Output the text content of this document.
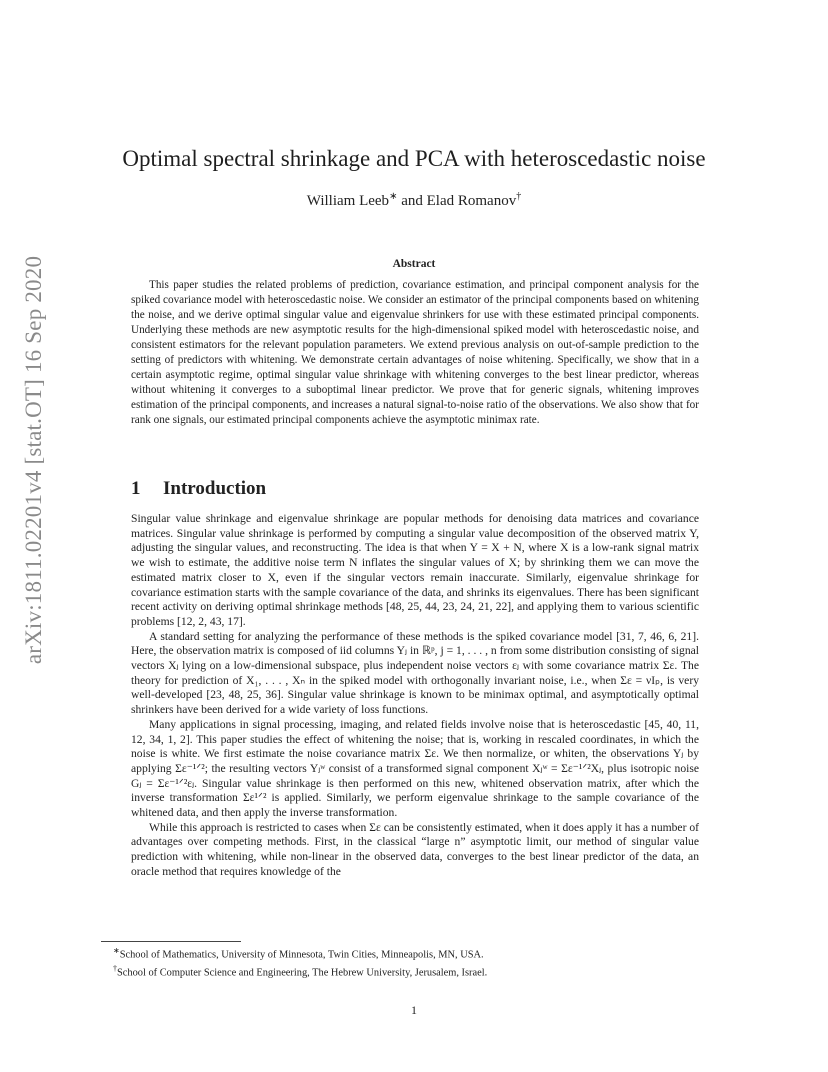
arXiv:1811.02201v4 [stat.OT] 16 Sep 2020
Optimal spectral shrinkage and PCA with heteroscedastic noise
William Leeb∗ and Elad Romanov†
Abstract

This paper studies the related problems of prediction, covariance estimation, and principal component analysis for the spiked covariance model with heteroscedastic noise. We consider an estimator of the principal components based on whitening the noise, and we derive optimal singular value and eigenvalue shrinkers for use with these estimated principal components. Underlying these methods are new asymptotic results for the high-dimensional spiked model with heteroscedastic noise, and consistent estimators for the relevant population parameters. We extend previous analysis on out-of-sample prediction to the setting of predictors with whitening. We demonstrate certain advantages of noise whitening. Specifically, we show that in a certain asymptotic regime, optimal singular value shrinkage with whitening converges to the best linear predictor, whereas without whitening it converges to a suboptimal linear predictor. We prove that for generic signals, whitening improves estimation of the principal components, and increases a natural signal-to-noise ratio of the observations. We also show that for rank one signals, our estimated principal components achieve the asymptotic minimax rate.

1 Introduction

Singular value shrinkage and eigenvalue shrinkage are popular methods for denoising data matrices and covariance matrices. Singular value shrinkage is performed by computing a singular value decomposition of the observed matrix Y, adjusting the singular values, and reconstructing. The idea is that when Y = X + N, where X is a low-rank signal matrix we wish to estimate, the additive noise term N inflates the singular values of X; by shrinking them we can move the estimated matrix closer to X, even if the singular vectors remain inaccurate. Similarly, eigenvalue shrinkage for covariance estimation starts with the sample covariance of the data, and shrinks its eigenvalues. There has been significant recent activity on deriving optimal shrinkage methods [48, 25, 44, 23, 24, 21, 22], and applying them to various scientific problems [12, 2, 43, 17].

A standard setting for analyzing the performance of these methods is the spiked covariance model [31, 7, 46, 6, 21]. Here, the observation matrix is composed of iid columns Yⱼ in ℝᵖ, j = 1, . . . , n from some distribution consisting of signal vectors Xⱼ lying on a low-dimensional subspace, plus independent noise vectors εⱼ with some covariance matrix Σε. The theory for prediction of X₁, . . . , Xₙ in the spiked model with orthogonally invariant noise, i.e., when Σε = νIₚ, is very well-developed [23, 48, 25, 36]. Singular value shrinkage is known to be minimax optimal, and asymptotically optimal shrinkers have been derived for a wide variety of loss functions.

Many applications in signal processing, imaging, and related fields involve noise that is heteroscedastic [45, 40, 11, 12, 34, 1, 2]. This paper studies the effect of whitening the noise; that is, working in rescaled coordinates, in which the noise is white. We first estimate the noise covariance matrix Σε. We then normalize, or whiten, the observations Yⱼ by applying Σε⁻¹ᐟ²; the resulting vectors Yⱼʷ consist of a transformed signal component Xⱼʷ = Σε⁻¹ᐟ²Xⱼ, plus isotropic noise Gⱼ = Σε⁻¹ᐟ²εⱼ. Singular value shrinkage is then performed on this new, whitened observation matrix, after which the inverse transformation Σε¹ᐟ² is applied. Similarly, we perform eigenvalue shrinkage to the sample covariance of the whitened data, and then apply the inverse transformation.

While this approach is restricted to cases when Σε can be consistently estimated, when it does apply it has a number of advantages over competing methods. First, in the classical “large n” asymptotic limit, our method of singular value prediction with whitening, while non-linear in the observed data, converges to the best linear predictor of the data, an oracle method that requires knowledge of the

∗School of Mathematics, University of Minnesota, Twin Cities, Minneapolis, MN, USA.
†School of Computer Science and Engineering, The Hebrew University, Jerusalem, Israel.
1
